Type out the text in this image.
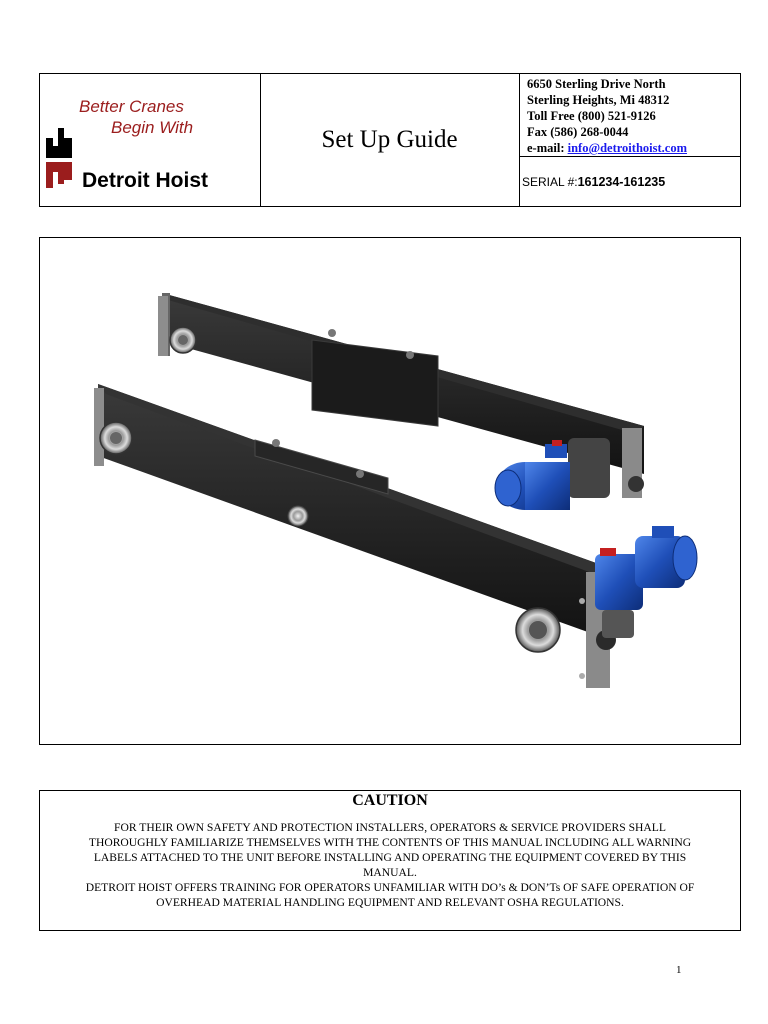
Better Cranes
Begin With
Detroit Hoist
Set Up Guide
6650 Sterling Drive North
Sterling Heights, Mi 48312
Toll Free (800) 521-9126
Fax (586) 268-0044
e-mail: info@detroithoist.com
SERIAL #: 161234-161235
CAUTION
FOR THEIR OWN SAFETY AND PROTECTION INSTALLERS, OPERATORS & SERVICE PROVIDERS SHALL
THOROUGHLY FAMILIARIZE THEMSELVES WITH THE CONTENTS OF THIS MANUAL INCLUDING ALL WARNING
LABELS ATTACHED TO THE UNIT BEFORE INSTALLING AND OPERATING THE EQUIPMENT COVERED BY THIS
MANUAL.
DETROIT HOIST OFFERS TRAINING FOR OPERATORS UNFAMILIAR WITH DO’s & DON’Ts OF SAFE OPERATION OF
OVERHEAD MATERIAL HANDLING EQUIPMENT AND RELEVANT OSHA REGULATIONS.
1
